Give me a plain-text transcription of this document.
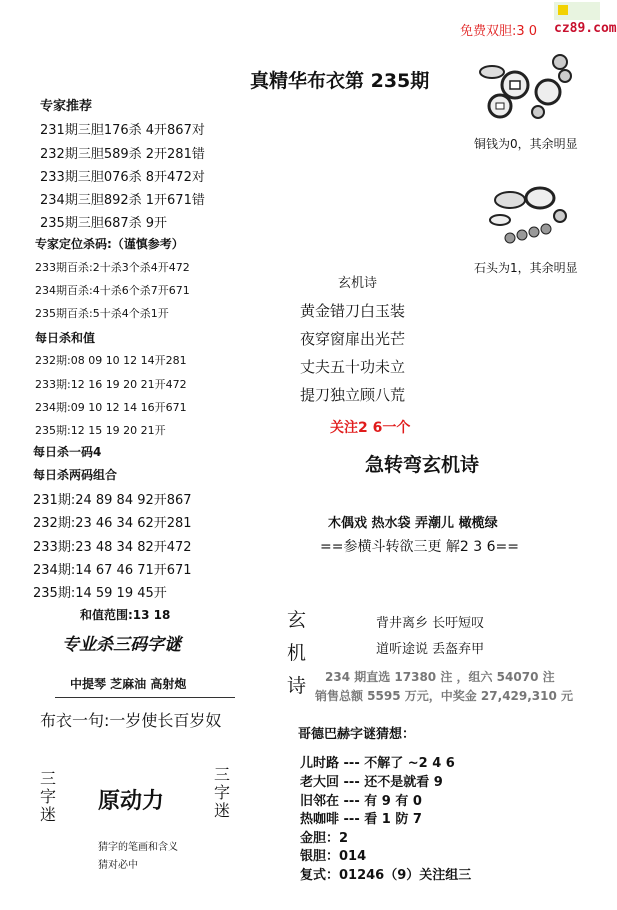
cz89.com
免费双胆:3 0
真精华布衣第 235期
铜钱为0，其余明显
石头为1，其余明显
专家推荐
231期三胆176杀 4开867对
232期三胆589杀 2开281错
233期三胆076杀 8开472对
234期三胆892杀 1开671错
235期三胆687杀 9开
专家定位杀码:（谨慎参考）
233期百杀:2十杀3个杀4开472
234期百杀:4十杀6个杀7开671
235期百杀:5十杀4个杀1开
每日杀和值
232期:08 09 10 12 14开281
233期:12 16 19 20 21开472
234期:09 10 12 14 16开671
235期:12 15 19 20 21开
每日杀一码4
每日杀两码组合
231期:24 89 84 92开867
232期:23 46 34 62开281
233期:23 48 34 82开472
234期:14 67 46 71开671
235期:14 59 19 45开
和值范围:13 18
专业杀三码字谜
中提琴 芝麻油 高射炮
布衣一句:一岁使长百岁奴
三
字
迷
原动力
三
字
迷
猜字的笔画和含义
猜对必中
玄机诗
黄金错刀白玉装
夜穿窗扉出光芒
丈夫五十功未立
提刀独立顾八荒
关注2 6一个
急转弯玄机诗
木偶戏 热水袋 弄潮儿 橄榄绿
==参横斗转欲三更 解2 3 6==
玄
机
诗
背井离乡 长吁短叹
道听途说 丢盔弃甲
234 期直选 17380 注 ，组六 54070 注
销售总额 5595 万元，中奖金 27,429,310 元
哥德巴赫字谜猜想：
儿时路 --- 不解了 ~2 4 6
老大回 --- 还不是就看 9
旧邻在 --- 有 9 有 0
热咖啡 --- 看 1 防 7
金胆：2
银胆：014
复式：01246（9）关注组三
